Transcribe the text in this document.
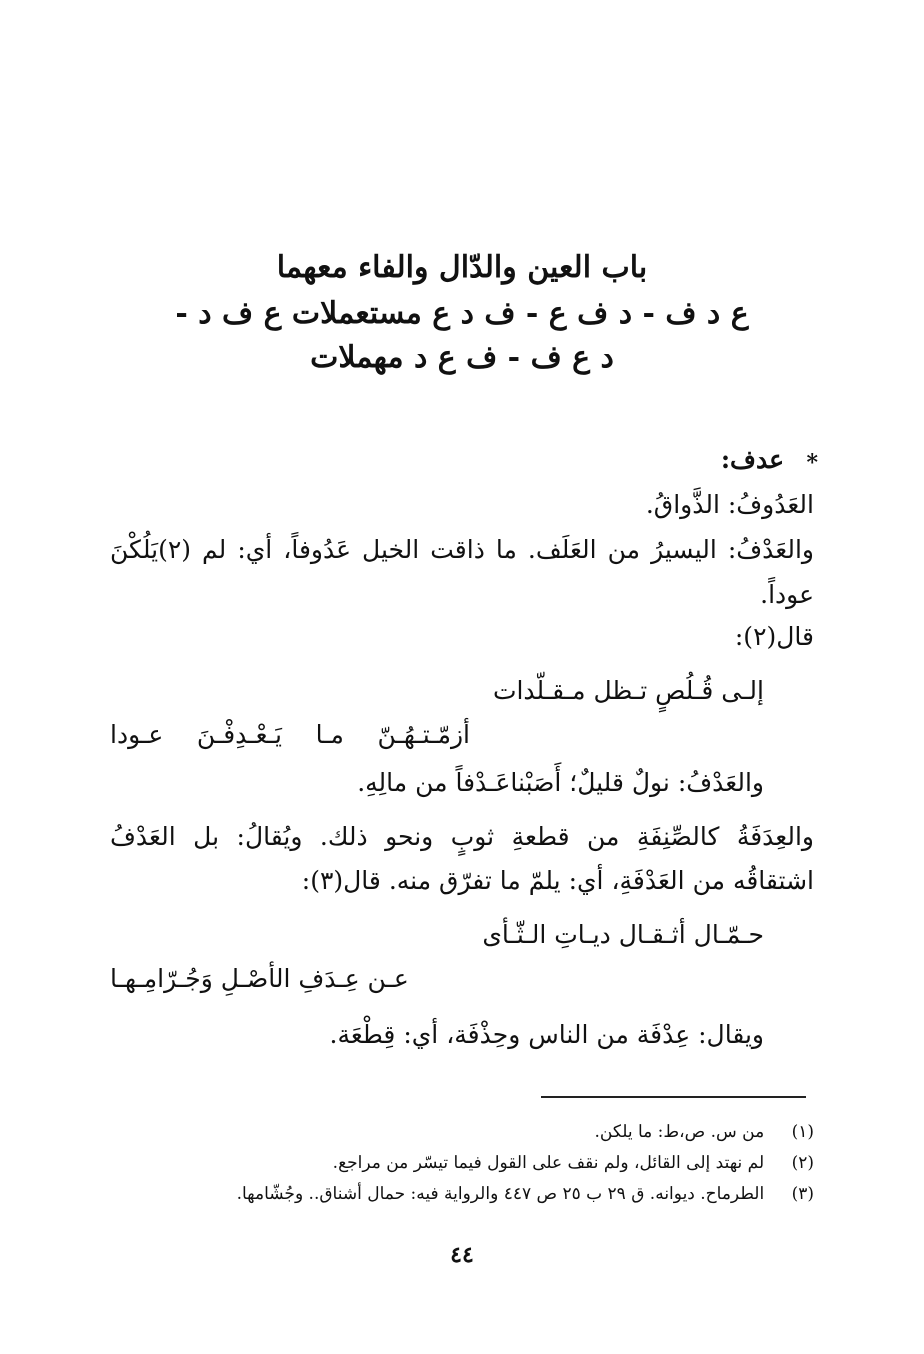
باب العين والدّال والفاء معهما
ع د ف - د ف ع - ف د ع مستعملات ع ف د -
د ع ف - ف ع د مهملات
*
عدف:
العَدُوفُ: الذَّواقُ.
والعَدْفُ: اليسيرُ من العَلَف. ما ذاقت الخيل عَدُوفاً، أي: لم (٢)يَلُكْنَ
عوداً.
قال(٢):
إلـى قُـلُصٍ تـظل مـقـلّدات
أزمّـتـهُـنّ مـا يَـعْـدِفْـنَ عـودا
والعَدْفُ: نولٌ قليلٌ؛ أَصَبْناعَـدْفاً من مالِهِ.
والعِدَفَةُ كالصِّنِفَةِ من قطعةِ ثوبٍ ونحو ذلك. ويُقالُ: بل العَدْفُ
اشتقاقُه من العَدْفَةِ، أي: يلمّ ما تفرّق منه. قال(٣):
حـمّـال أثـقـال ديـاتِ الـثّـأى
عـن عِـدَفِ الأصْـلِ وَجُـرّامِـهـا
ويقال: عِدْفَة من الناس وحِذْفَة، أي: قِطْعَة.
(١) من س. ص،ط: ما يلكن.
(٢) لم نهتد إلى القائل، ولم نقف على القول فيما تيسّر من مراجع.
(٣) الطرماح. ديوانه. ق ٢٩ ب ٢٥ ص ٤٤٧ والرواية فيه: حمال أشناق.. وجُشّامها.
٤٤
